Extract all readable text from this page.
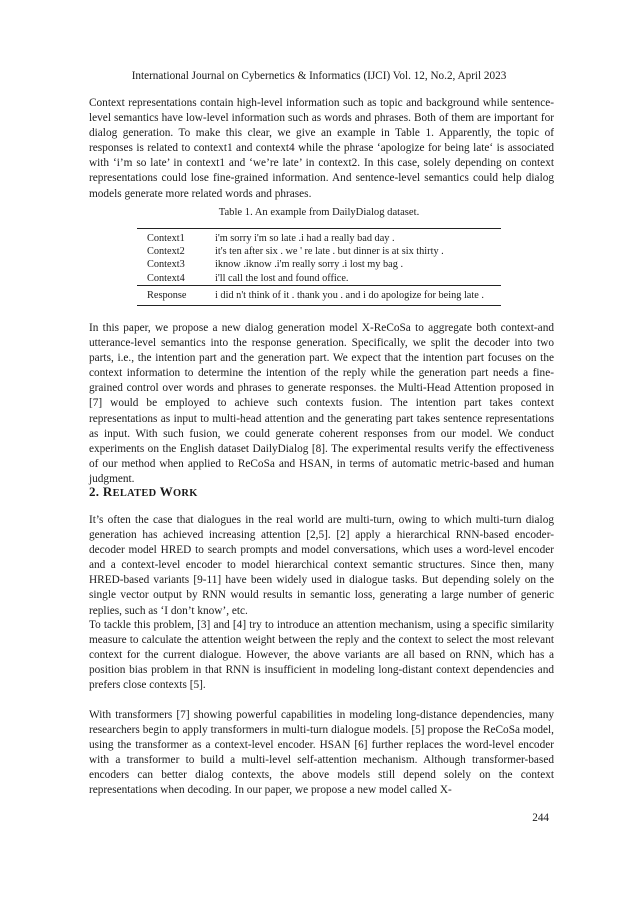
International Journal on Cybernetics & Informatics (IJCI) Vol. 12, No.2, April 2023
Context representations contain high-level information such as topic and background while sentence-level semantics have low-level information such as words and phrases. Both of them are important for dialog generation. To make this clear, we give an example in Table 1. Apparently, the topic of responses is related to context1 and context4 while the phrase ‘apologize for being late‘ is associated with ‘i’m so late’ in context1 and ‘we’re late’ in context2. In this case, solely depending on context representations could lose fine-grained information. And sentence-level semantics could help dialog models generate more related words and phrases.
Table 1. An example from DailyDialog dataset.
Context1	i'm sorry i'm so late .i had a really bad day .
Context2	it's ten after six . we ' re late . but dinner is at six thirty .
Context3	iknow .iknow .i'm really sorry .i lost my bag .
Context4	i'll call the lost and found office.
Response	i did n't think of it . thank you . and i do apologize for being late .
In this paper, we propose a new dialog generation model X-ReCoSa to aggregate both context-and utterance-level semantics into the response generation. Specifically, we split the decoder into two parts, i.e., the intention part and the generation part. We expect that the intention part focuses on the context information to determine the intention of the reply while the generation part needs a fine-grained control over words and phrases to generate responses. the Multi-Head Attention proposed in [7] would be employed to achieve such contexts fusion. The intention part takes context representations as input to multi-head attention and the generating part takes sentence representations as input. With such fusion, we could generate coherent responses from our model. We conduct experiments on the English dataset DailyDialog [8]. The experimental results verify the effectiveness of our method when applied to ReCoSa and HSAN, in terms of automatic metric-based and human judgment.
2. RELATED WORK
It’s often the case that dialogues in the real world are multi-turn, owing to which multi-turn dialog generation has achieved increasing attention [2,5]. [2] apply a hierarchical RNN-based encoder-decoder model HRED to search prompts and model conversations, which uses a word-level encoder and a context-level encoder to model hierarchical context semantic structures. Since then, many HRED-based variants [9-11] have been widely used in dialogue tasks. But depending solely on the single vector output by RNN would results in semantic loss, generating a large number of generic replies, such as ‘I don’t know’, etc.
To tackle this problem, [3] and [4] try to introduce an attention mechanism, using a specific similarity measure to calculate the attention weight between the reply and the context to select the most relevant context for the current dialogue. However, the above variants are all based on RNN, which has a position bias problem in that RNN is insufficient in modeling long-distant context dependencies and prefers close contexts [5].
With transformers [7] showing powerful capabilities in modeling long-distance dependencies, many researchers begin to apply transformers in multi-turn dialogue models. [5] propose the ReCoSa model, using the transformer as a context-level encoder. HSAN [6] further replaces the word-level encoder with a transformer to build a multi-level self-attention mechanism. Although transformer-based encoders can better dialog contexts, the above models still depend solely on the context representations when decoding. In our paper, we propose a new model called X-
244
